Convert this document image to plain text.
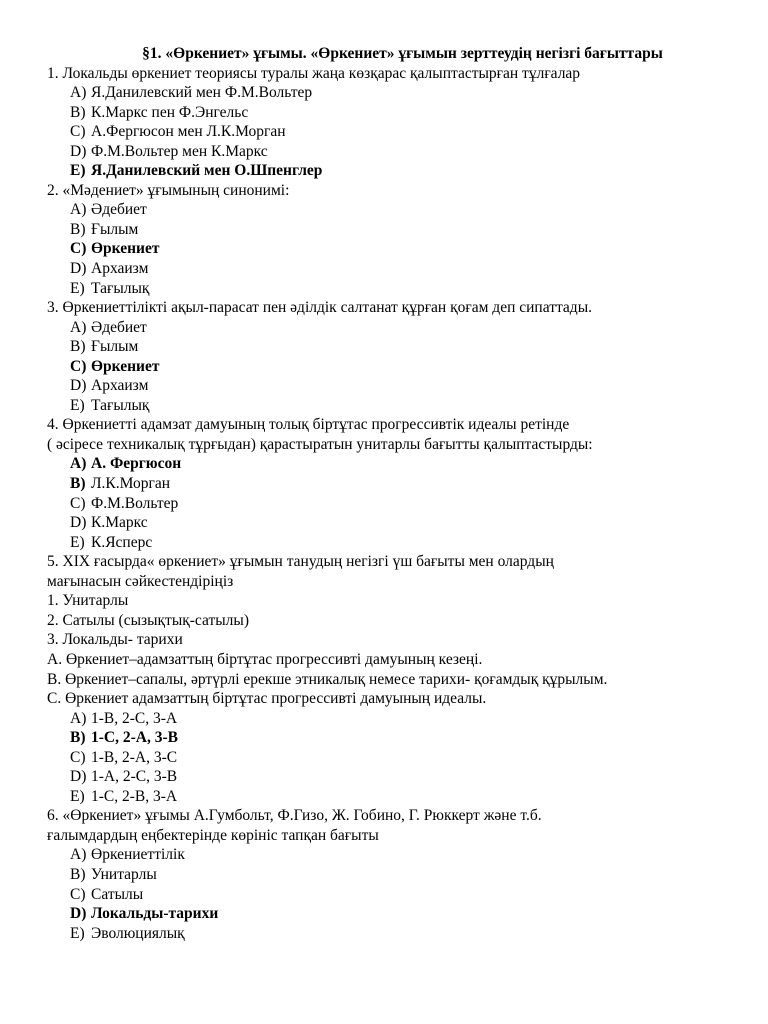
§1. «Өркениет» ұғымы. «Өркениет» ұғымын зерттеудің негізгі бағыттары

1. Локальды өркениет теориясы туралы жаңа көзқарас қалыптастырған тұлғалар

A) Я.Данилевский мен Ф.М.Вольтер

B) К.Маркс пен Ф.Энгельс

C) А.Фергюсон мен Л.К.Морган

D) Ф.М.Вольтер мен К.Маркс

E) Я.Данилевский мен О.Шпенглер

2. «Мәдениет» ұғымының синонимі:

A) Әдебиет

B) Ғылым

C) Өркениет

D) Архаизм

E) Тағылық

3. Өркениеттілікті ақыл-парасат пен әділдік салтанат құрған қоғам деп сипаттады.

A) Әдебиет

B) Ғылым

C) Өркениет

D) Архаизм

E) Тағылық

4. Өркениетті адамзат дамуының толық біртұтас прогрессивтік идеалы ретінде

( әсіресе техникалық тұрғыдан) қарастыратын унитарлы бағытты қалыптастырды:

A) А. Фергюсон

B) Л.К.Морган

C) Ф.М.Вольтер

D) К.Маркс

E) К.Ясперс

5. XIX ғасырда« өркениет» ұғымын танудың негізгі үш бағыты мен олардың

мағынасын сәйкестендіріңіз

1. Унитарлы

2. Сатылы (сызықтық-сатылы)

3. Локальды- тарихи

A. Өркениет–адамзаттың біртұтас прогрессивті дамуының кезеңі.

B. Өркениет–сапалы, әртүрлі ерекше этникалық немесе тарихи- қоғамдық құрылым.

C. Өркениет адамзаттың біртұтас прогрессивті дамуының идеалы.

A) 1-B, 2-C, 3-A

B) 1-C, 2-A, 3-B

C) 1-B, 2-A, 3-C

D) 1-A, 2-C, 3-B

E) 1-C, 2-B, 3-A

6. «Өркениет» ұғымы А.Гумбольт, Ф.Гизо, Ж. Гобино, Г. Рюккерт және т.б.

ғалымдардың еңбектерінде көрініс тапқан бағыты

A) Өркениеттілік

B) Унитарлы

C) Сатылы

D) Локальды-тарихи

E) Эволюциялық
